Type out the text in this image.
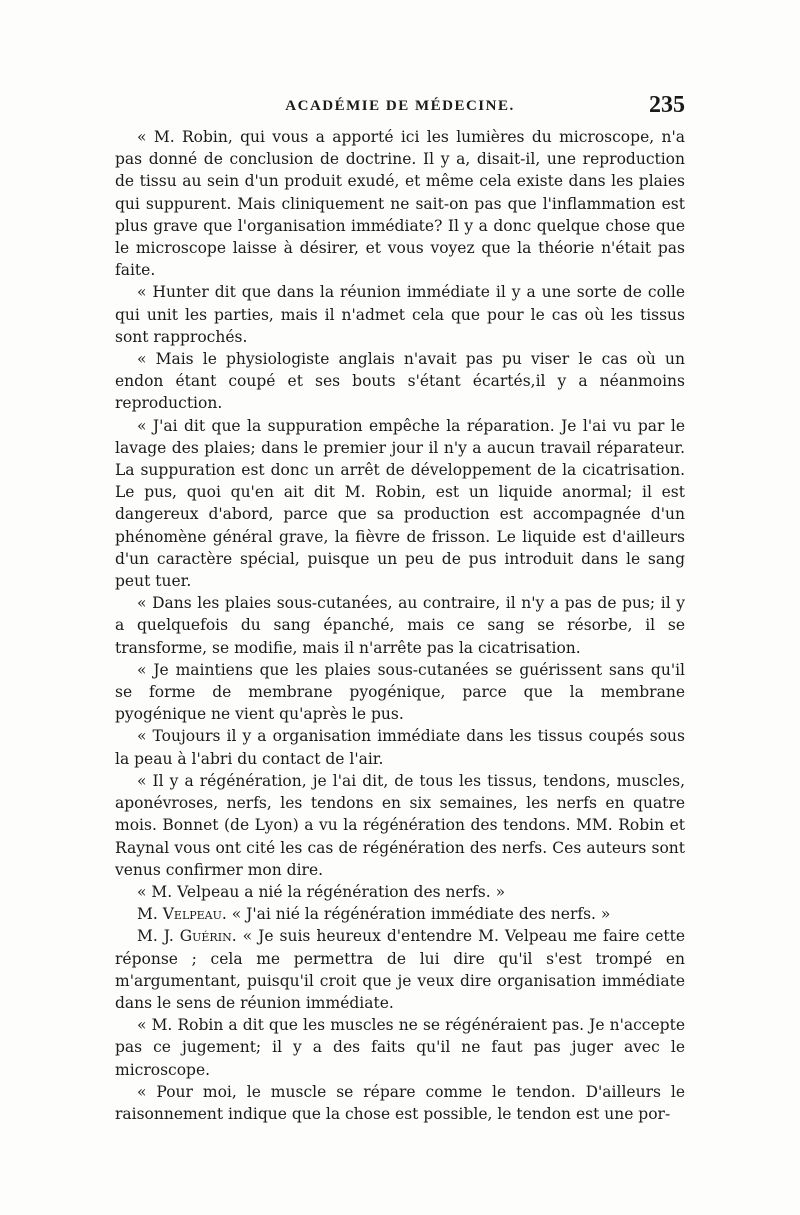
ACADÉMIE DE MÉDECINE.	235

« M. Robin, qui vous a apporté ici les lumières du microscope, n'a pas donné de conclusion de doctrine. Il y a, disait-il, une reproduction de tissu au sein d'un produit exudé, et même cela existe dans les plaies qui suppurent. Mais cliniquement ne sait-on pas que l'inflammation est plus grave que l'organisation immédiate? Il y a donc quelque chose que le microscope laisse à désirer, et vous voyez que la théorie n'était pas faite.

« Hunter dit que dans la réunion immédiate il y a une sorte de colle qui unit les parties, mais il n'admet cela que pour le cas où les tissus sont rapprochés.

« Mais le physiologiste anglais n'avait pas pu viser le cas où un endon étant coupé et ses bouts s'étant écartés,il y a néanmoins reproduction.

« J'ai dit que la suppuration empêche la réparation. Je l'ai vu par le lavage des plaies; dans le premier jour il n'y a aucun travail réparateur. La suppuration est donc un arrêt de développement de la cicatrisation. Le pus, quoi qu'en ait dit M. Robin, est un liquide anormal; il est dangereux d'abord, parce que sa production est accompagnée d'un phénomène général grave, la fièvre de frisson. Le liquide est d'ailleurs d'un caractère spécial, puisque un peu de pus introduit dans le sang peut tuer.

« Dans les plaies sous-cutanées, au contraire, il n'y a pas de pus; il y a quelquefois du sang épanché, mais ce sang se résorbe, il se transforme, se modifie, mais il n'arrête pas la cicatrisation.

« Je maintiens que les plaies sous-cutanées se guérissent sans qu'il se forme de membrane pyogénique, parce que la membrane pyogénique ne vient qu'après le pus.

« Toujours il y a organisation immédiate dans les tissus coupés sous la peau à l'abri du contact de l'air.

« Il y a régénération, je l'ai dit, de tous les tissus, tendons, muscles, aponévroses, nerfs, les tendons en six semaines, les nerfs en quatre mois. Bonnet (de Lyon) a vu la régénération des tendons. MM. Robin et Raynal vous ont cité les cas de régénération des nerfs. Ces auteurs sont venus confirmer mon dire.

« M. Velpeau a nié la régénération des nerfs. »

M. Velpeau. « J'ai nié la régénération immédiate des nerfs. »

M. J. Guérin. « Je suis heureux d'entendre M. Velpeau me faire cette réponse ; cela me permettra de lui dire qu'il s'est trompé en m'argumentant, puisqu'il croit que je veux dire organisation immédiate dans le sens de réunion immédiate.

« M. Robin a dit que les muscles ne se régénéraient pas. Je n'accepte pas ce jugement; il y a des faits qu'il ne faut pas juger avec le microscope.

« Pour moi, le muscle se répare comme le tendon. D'ailleurs le raisonnement indique que la chose est possible, le tendon est une por-
